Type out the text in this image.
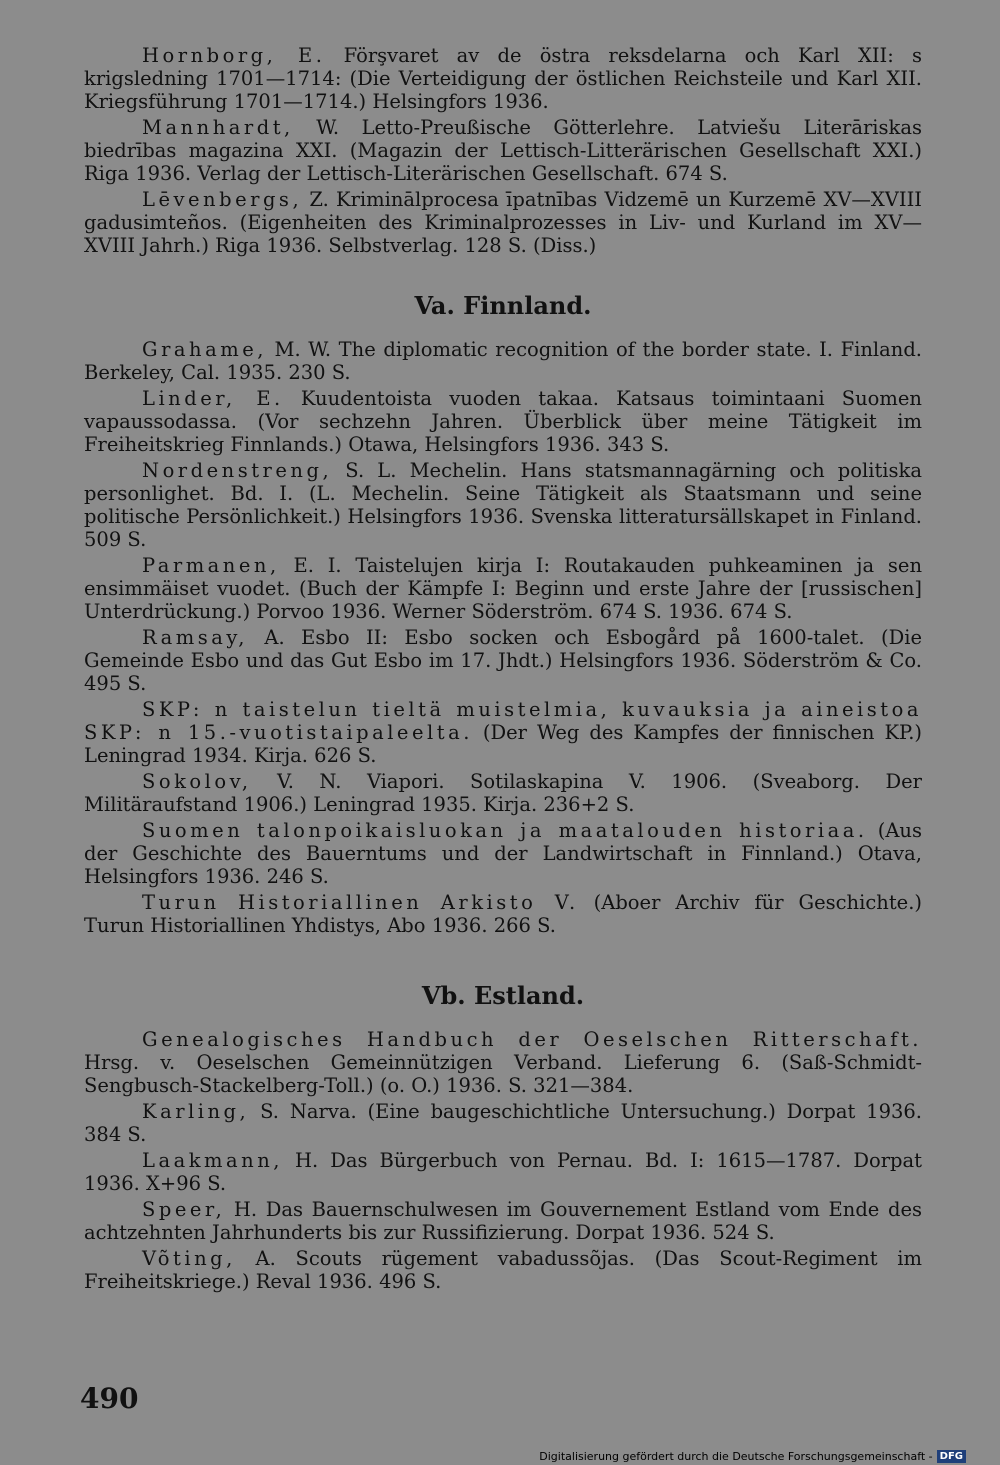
Hornborg, E. Förşvaret av de östra reksdelarna och Karl XII: s krigsledning 1701—1714: (Die Verteidigung der östlichen Reichsteile und Karl XII. Kriegsführung 1701—1714.) Helsingfors 1936.

Mannhardt, W. Letto-Preußische Götterlehre. Latviešu Literāriskas biedrības magazina XXI. (Magazin der Lettisch-Litterärischen Gesellschaft XXI.) Riga 1936. Verlag der Lettisch-Literärischen Gesellschaft. 674 S.

Lēvenbergs, Z. Kriminālprocesa īpatnības Vidzemē un Kurzemē XV—XVIII gadusimteños. (Eigenheiten des Kriminalprozesses in Liv- und Kurland im XV—XVIII Jahrh.) Riga 1936. Selbstverlag. 128 S. (Diss.)

Va. Finnland.

Grahame, M. W. The diplomatic recognition of the border state. I. Finland. Berkeley, Cal. 1935. 230 S.

Linder, E. Kuudentoista vuoden takaa. Katsaus toimintaani Suomen vapaussodassa. (Vor sechzehn Jahren. Überblick über meine Tätigkeit im Freiheitskrieg Finnlands.) Otawa, Helsingfors 1936. 343 S.

Nordenstreng, S. L. Mechelin. Hans statsmannagärning och politiska personlighet. Bd. I. (L. Mechelin. Seine Tätigkeit als Staatsmann und seine politische Persönlichkeit.) Helsingfors 1936. Svenska litteratursällskapet in Finland. 509 S.

Parmanen, E. I. Taistelujen kirja I: Routakauden puhkeaminen ja sen ensimmäiset vuodet. (Buch der Kämpfe I: Beginn und erste Jahre der [russischen] Unterdrückung.) Porvoo 1936. Werner Söderström. 674 S. 1936. 674 S.

Ramsay, A. Esbo II: Esbo socken och Esbogård på 1600-talet. (Die Gemeinde Esbo und das Gut Esbo im 17. Jhdt.) Helsingfors 1936. Söderström & Co. 495 S.

SKP: n taistelun tieltä muistelmia, kuvauksia ja aineistoa SKP: n 15.-vuotistaipaleelta. (Der Weg des Kampfes der finnischen KP.) Leningrad 1934. Kirja. 626 S.

Sokolov, V. N. Viapori. Sotilaskapina V. 1906. (Sveaborg. Der Militäraufstand 1906.) Leningrad 1935. Kirja. 236+2 S.

Suomen talonpoikaisluokan ja maatalouden historiaa. (Aus der Geschichte des Bauerntums und der Landwirtschaft in Finnland.) Otava, Helsingfors 1936. 246 S.

Turun Historiallinen Arkisto V. (Aboer Archiv für Geschichte.) Turun Historiallinen Yhdistys, Abo 1936. 266 S.

Vb. Estland.

Genealogisches Handbuch der Oeselschen Ritterschaft. Hrsg. v. Oeselschen Gemeinnützigen Verband. Lieferung 6. (Saß-Schmidt-Sengbusch-Stackelberg-Toll.) (o. O.) 1936. S. 321—384.

Karling, S. Narva. (Eine baugeschichtliche Untersuchung.) Dorpat 1936. 384 S.

Laakmann, H. Das Bürgerbuch von Pernau. Bd. I: 1615—1787. Dorpat 1936. X+96 S.

Speer, H. Das Bauernschulwesen im Gouvernement Estland vom Ende des achtzehnten Jahrhunderts bis zur Russifizierung. Dorpat 1936. 524 S.

Võting, A. Scouts rügement vabadussõjas. (Das Scout-Regiment im Freiheitskriege.) Reval 1936. 496 S.

490
Digitalisierung gefördert durch die Deutsche Forschungsgemeinschaft - DFG
